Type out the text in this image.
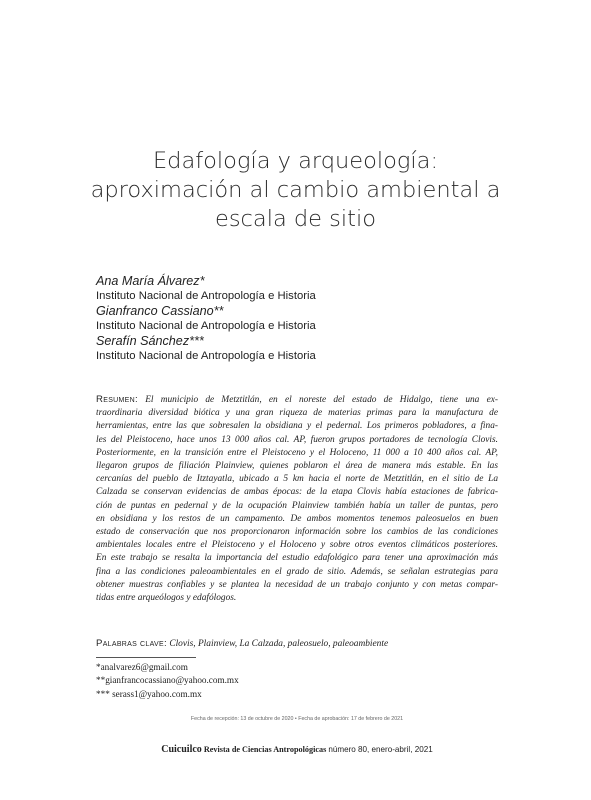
Edafología y arqueología:
aproximación al cambio ambiental a
escala de sitio
Ana María Álvarez*
Instituto Nacional de Antropología e Historia
Gianfranco Cassiano**
Instituto Nacional de Antropología e Historia
Serafín Sánchez***
Instituto Nacional de Antropología e Historia
Resumen: El municipio de Metztitlán, en el noreste del estado de Hidalgo, tiene una ex-
traordinaria diversidad biótica y una gran riqueza de materias primas para la manufactura de
herramientas, entre las que sobresalen la obsidiana y el pedernal. Los primeros pobladores, a fina-
les del Pleistoceno, hace unos 13 000 años cal. AP, fueron grupos portadores de tecnología Clovis.
Posteriormente, en la transición entre el Pleistoceno y el Holoceno, 11 000 a 10 400 años cal. AP,
llegaron grupos de filiación Plainview, quienes poblaron el área de manera más estable. En las
cercanías del pueblo de Itztayatla, ubicado a 5 km hacia el norte de Metztitlán, en el sitio de La
Calzada se conservan evidencias de ambas épocas: de la etapa Clovis había estaciones de fabrica-
ción de puntas en pedernal y de la ocupación Plainview también había un taller de puntas, pero
en obsidiana y los restos de un campamento. De ambos momentos tenemos paleosuelos en buen
estado de conservación que nos proporcionaron información sobre los cambios de las condiciones
ambientales locales entre el Pleistoceno y el Holoceno y sobre otros eventos climáticos posteriores.
En este trabajo se resalta la importancia del estudio edafológico para tener una aproximación más
fina a las condiciones paleoambientales en el grado de sitio. Además, se señalan estrategias para
obtener muestras confiables y se plantea la necesidad de un trabajo conjunto y con metas compar-
tidas entre arqueólogos y edafólogos.
Palabras clave: Clovis, Plainview, La Calzada, paleosuelo, paleoambiente
*analvarez6@gmail.com
**gianfrancocassiano@yahoo.com.mx
*** serass1@yahoo.com.mx
Fecha de recepción: 13 de octubre de 2020 • Fecha de aprobación: 17 de febrero de 2021
Cuicuilco Revista de Ciencias Antropológicas número 80, enero-abril, 2021
